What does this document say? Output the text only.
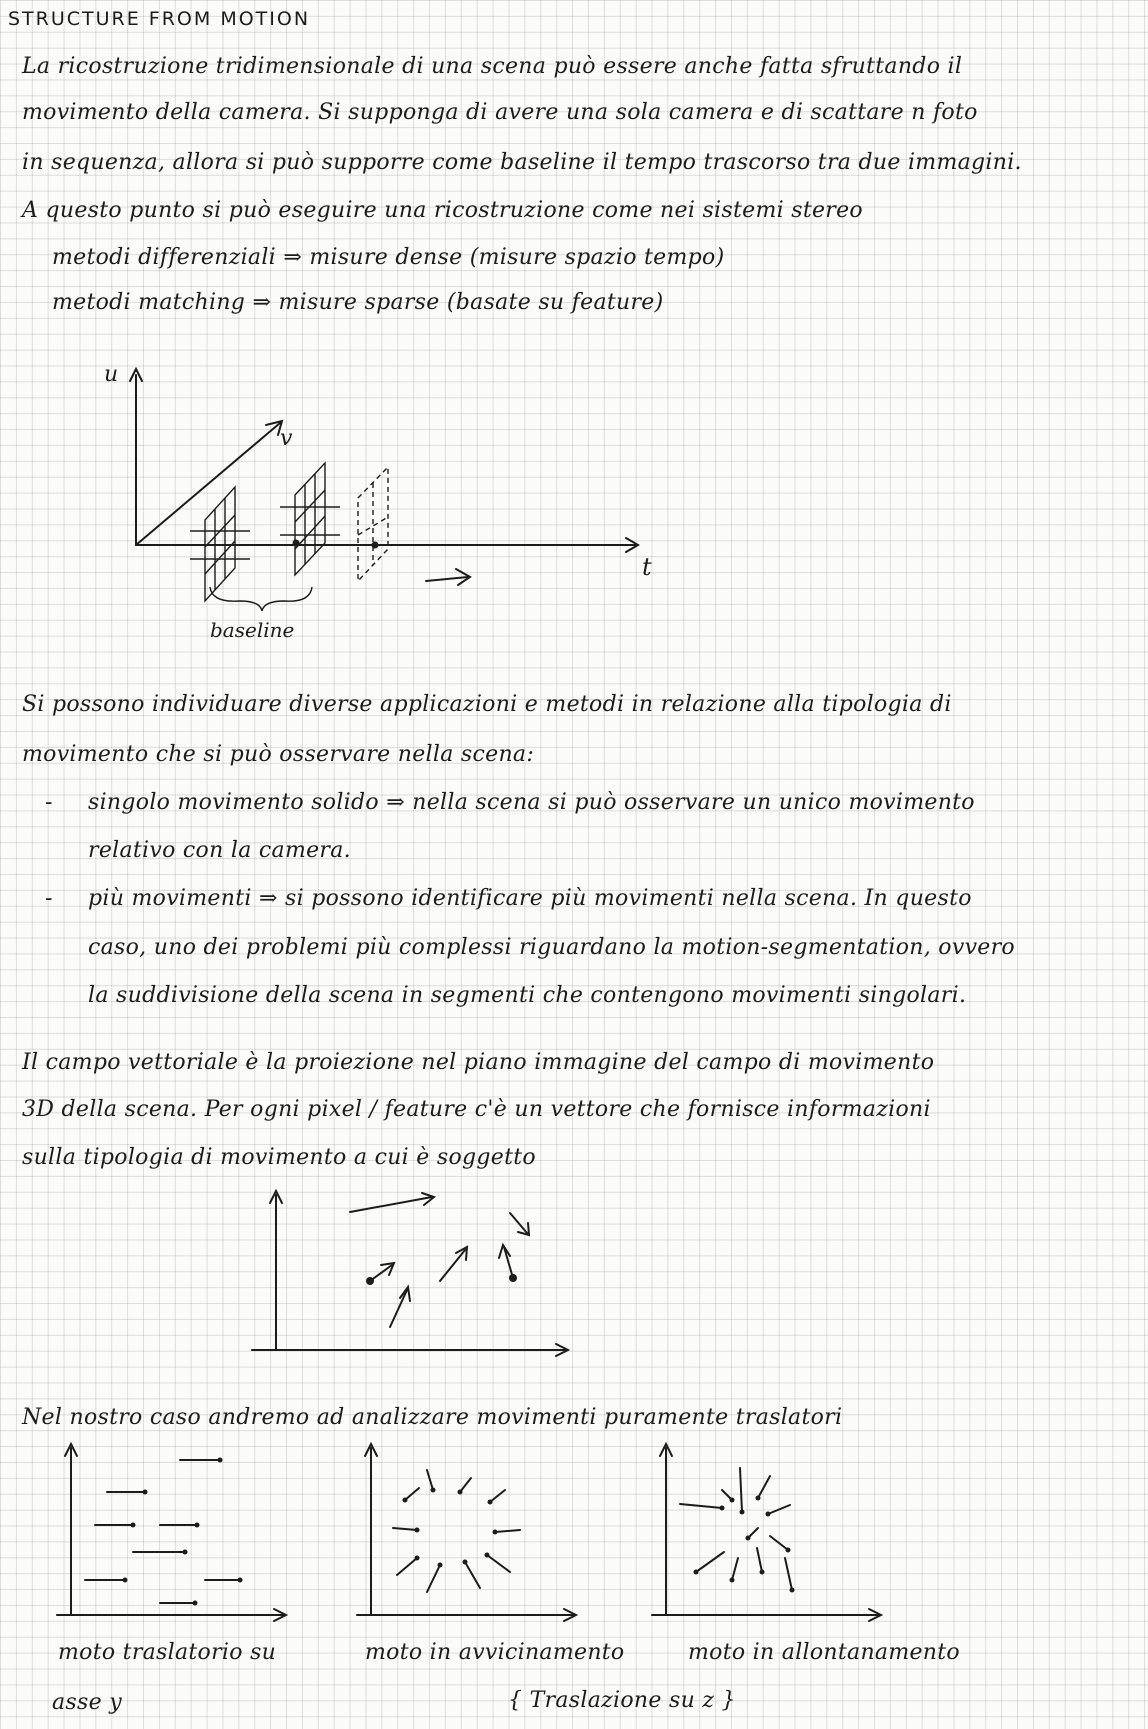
STRUCTURE FROM MOTION
La ricostruzione tridimensionale di una scena può essere anche fatta sfruttando il
movimento della camera. Si supponga di avere una sola camera e di scattare n foto
in sequenza, allora si può supporre come baseline il tempo trascorso tra due immagini.
A questo punto si può eseguire una ricostruzione come nei sistemi stereo
metodi differenziali ⇒ misure dense (misure spazio tempo)
metodi matching ⇒ misure sparse (basate su feature)
u
t
v
baseline
Si possono individuare diverse applicazioni e metodi in relazione alla tipologia di
movimento che si può osservare nella scena:
- singolo movimento solido ⇒ nella scena si può osservare un unico movimento
relativo con la camera.
- più movimenti ⇒ si possono identificare più movimenti nella scena. In questo
caso, uno dei problemi più complessi riguardano la motion-segmentation, ovvero
la suddivisione della scena in segmenti che contengono movimenti singolari.
Il campo vettoriale è la proiezione nel piano immagine del campo di movimento
3D della scena. Per ogni pixel / feature c'è un vettore che fornisce informazioni
sulla tipologia di movimento a cui è soggetto
Nel nostro caso andremo ad analizzare movimenti puramente traslatori
moto traslatorio su
asse y
moto in avvicinamento	moto in allontanamento
{ Traslazione su z }
